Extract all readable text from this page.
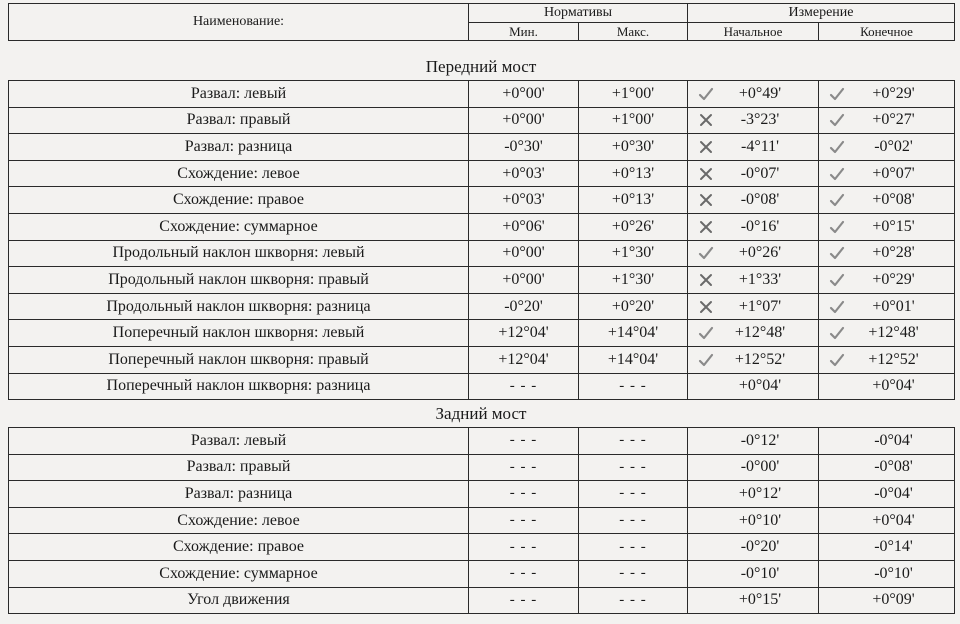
Наименование:	Нормативы		Измерение	
	Мин.	Макс.	Начальное	Конечное
Передний мост
Развал: левый	+0°00'	+1°00'	+0°49'	+0°29'
Развал: правый	+0°00'	+1°00'	-3°23'	+0°27'
Развал: разница	-0°30'	+0°30'	-4°11'	-0°02'
Схождение: левое	+0°03'	+0°13'	-0°07'	+0°07'
Схождение: правое	+0°03'	+0°13'	-0°08'	+0°08'
Схождение: суммарное	+0°06'	+0°26'	-0°16'	+0°15'
Продольный наклон шкворня: левый	+0°00'	+1°30'	+0°26'	+0°28'
Продольный наклон шкворня: правый	+0°00'	+1°30'	+1°33'	+0°29'
Продольный наклон шкворня: разница	-0°20'	+0°20'	+1°07'	+0°01'
Поперечный наклон шкворня: левый	+12°04'	+14°04'	+12°48'	+12°48'
Поперечный наклон шкворня: правый	+12°04'	+14°04'	+12°52'	+12°52'
Поперечный наклон шкворня: разница	- - -	- - -	+0°04'	+0°04'
Задний мост
Развал: левый	- - -	- - -	-0°12'	-0°04'
Развал: правый	- - -	- - -	-0°00'	-0°08'
Развал: разница	- - -	- - -	+0°12'	-0°04'
Схождение: левое	- - -	- - -	+0°10'	+0°04'
Схождение: правое	- - -	- - -	-0°20'	-0°14'
Схождение: суммарное	- - -	- - -	-0°10'	-0°10'
Угол движения	- - -	- - -	+0°15'	+0°09'
